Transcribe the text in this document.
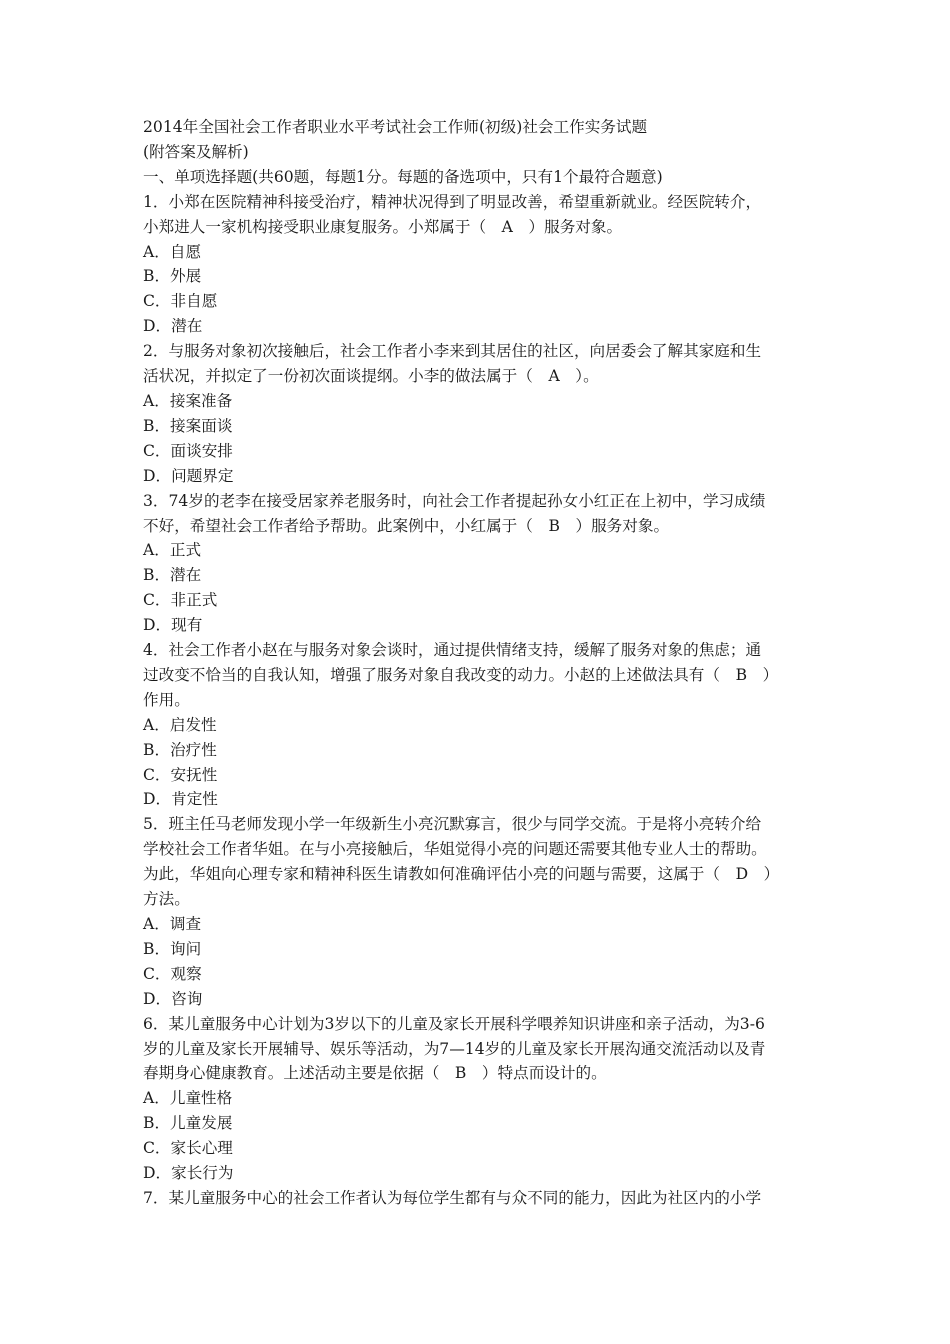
2014年全国社会工作者职业水平考试社会工作师(初级)社会工作实务试题
(附答案及解析)
一、单项选择题(共60题，每题1分。每题的备选项中，只有1个最符合题意)
1．小郑在医院精神科接受治疗，精神状况得到了明显改善，希望重新就业。经医院转介，
小郑进人一家机构接受职业康复服务。小郑属于（　A　）服务对象。
A．自愿
B．外展
C．非自愿
D．潜在
2．与服务对象初次接触后，社会工作者小李来到其居住的社区，向居委会了解其家庭和生
活状况，并拟定了一份初次面谈提纲。小李的做法属于（　A　）。
A．接案准备
B．接案面谈
C．面谈安排
D．问题界定
3．74岁的老李在接受居家养老服务时，向社会工作者提起孙女小红正在上初中，学习成绩
不好，希望社会工作者给予帮助。此案例中，小红属于（　B　）服务对象。
A．正式
B．潜在
C．非正式
D．现有
4．社会工作者小赵在与服务对象会谈时，通过提供情绪支持，缓解了服务对象的焦虑；通
过改变不恰当的自我认知，增强了服务对象自我改变的动力。小赵的上述做法具有（　B　）
作用。
A．启发性
B．治疗性
C．安抚性
D．肯定性
5．班主任马老师发现小学一年级新生小亮沉默寡言，很少与同学交流。于是将小亮转介给
学校社会工作者华姐。在与小亮接触后，华姐觉得小亮的问题还需要其他专业人士的帮助。
为此，华姐向心理专家和精神科医生请教如何准确评估小亮的问题与需要，这属于（　D　）
方法。
A．调查
B．询问
C．观察
D．咨询
6．某儿童服务中心计划为3岁以下的儿童及家长开展科学喂养知识讲座和亲子活动，为3-6
岁的儿童及家长开展辅导、娱乐等活动，为7—14岁的儿童及家长开展沟通交流活动以及青
春期身心健康教育。上述活动主要是依据（　B　）特点而设计的。
A．儿童性格
B．儿童发展
C．家长心理
D．家长行为
7．某儿童服务中心的社会工作者认为每位学生都有与众不同的能力，因此为社区内的小学
